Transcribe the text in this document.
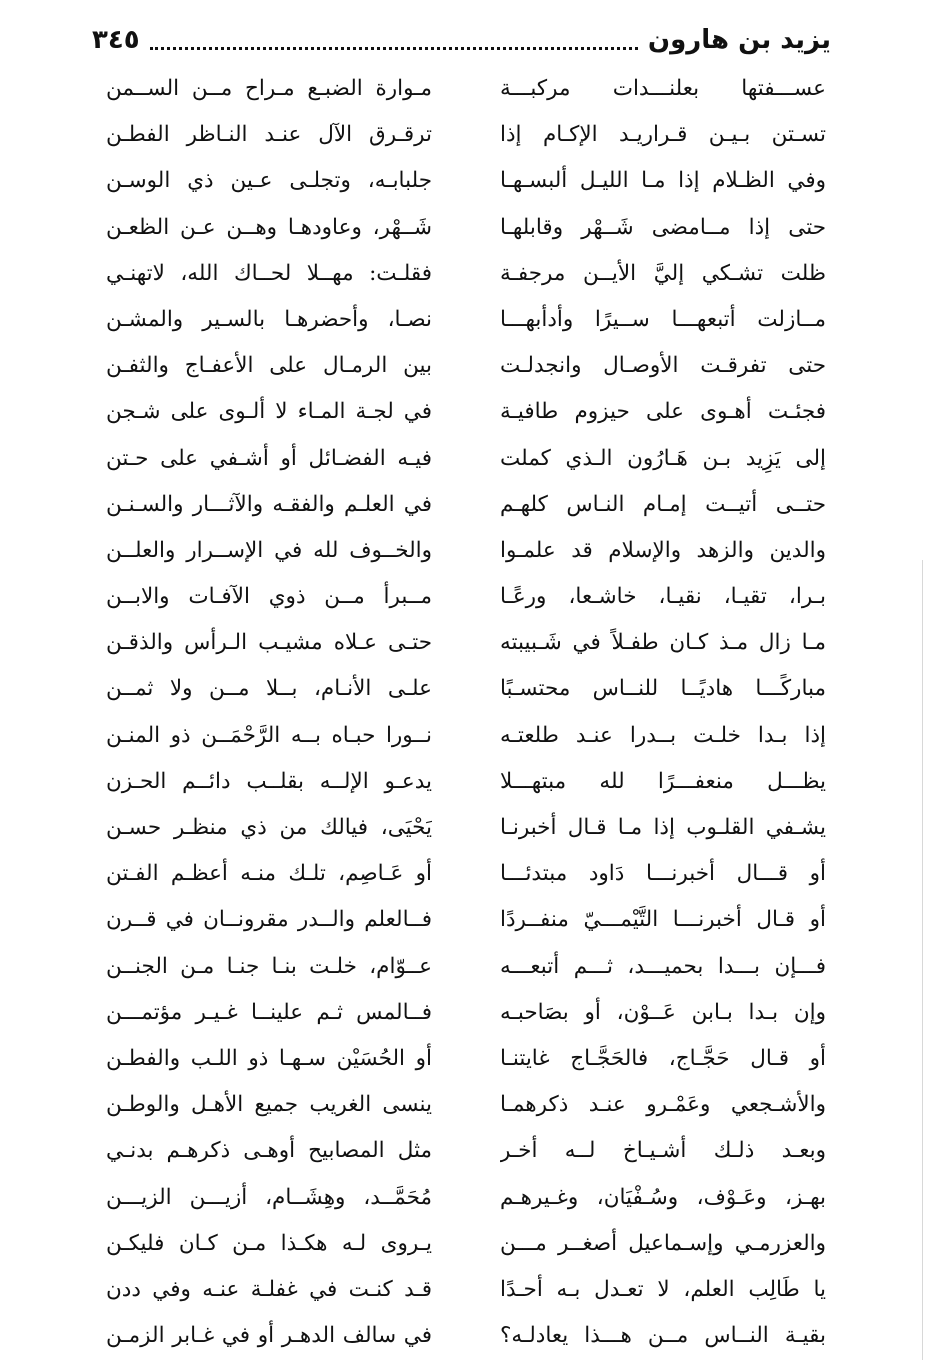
يزيد بن هارون
٣٤٥
عســـفتها بعلنـــدات مركبـــة
مـوارة الضبـع مـراح مــن الســمن
تسـتن بـيـن قـراريـد الإكـام إذا
ترقـرق الآل عنـد النـاظر الفطـن
وفي الظـلام إذا مـا الليـل ألبسـهـا
جلبابـه، وتجلـى عـين ذي الوسـن
حتى إذا مــامضى شَــهْر وقابلهـا
شَــهْر، وعاودهـا وهــن عـن الظعـن
ظلت تشـكي إليَّ الأيــن مرجفـة
فقلـت: مهــلا لحــاك الله، لاتهنـي
مــازلت أتبعهـــا ســيرًا وأدأبهـــا
نصـا، وأحضرهـا بالسـير والمشـن
حتى تفرقـت الأوصـال وانجدلـت
بين الرمـال على الأعفـاج والثفـن
فجئـت أهـوى على حيزوم طافيـة
في لجـة المـاء لا ألـوى على شـجن
إلى يَزِيد بـن هَـارُون الـذي كملت
فيـه الفضـائل أو أشـفي على حـتن
حتــى أتيــت إمـام النـاس كلهـم
في العلـم والفقـه والآثـــار والسـنـن
والدين والزهد والإسلام قد علمـوا
والخــوف لله في الإســرار والعلــن
بـرا، تقيـا، نقيـا، خاشـعا، ورعًـا
مــبرأ مــن ذوي الآفـات والابــن
مـا زال مـذ كـان طفـلاً في شَـبيبته
حتـى عـلاه مشيـب الـرأس والذقـن
مباركًـــا هاديًــا للنــاس محتسـبًا
علـى الأنـام، بــلا مــن ولا ثمــن
إذا بـدا خلـت بــدرا عنـد طلعتـه
نــورا حبـاه بــه الرَّحْمَــن ذو المنـن
يظـــل منعفـــرًا لله مبتهـــلا
يدعـو الإلــه بقلــب دائــم الحـزن
يشـفي القلـوب إذا مـا قـال أخبرنـا
يَحْيَى، فيالك من ذي منظـر حسـن
أو قـــال أخبرنـــا دَاود مبتدئـــا
أو عَـاصِم، تلـك منـه أعظـم الفـتن
أو قـال أخبرنـــا التَّيْمـــيّ منفــردًا
فــالعلم والــدر مقرونــان في قــرن
فـــإن بـــدا بحميـــد، ثـــم أتبعـــه
عــوّام، خلـت بنـا جنـا مـن الجنــن
وإن بـدا بـابن عَــوْن، أو بصَاحبـه
فــالمس ثـم علينــا غـيـر مؤتمـــن
أو قـال حَجَّـاج، فالحَجَّـاج غايتنـا
أو الحُسَيْن سـهـا ذو اللـب والفطـن
والأشـجعي وعَمْـرو عنـد ذكرهمـا
ينسى الغريب جميع الأهـل والوطـن
وبعـد ذلـك أشـيـاخ لــه أخـر
مثل المصابيح أوهـى ذكرهـم بدنـي
بهـز، وعَـوْف، وسُـفْيَان، وغـيرهـم
مُحَمَّــد، وهِشَــام، أزيـــن الزيـــن
والعزرمـي وإسـماعيل أصغــر مـــن
يـروى لـه هكـذا مـن كـان فليكـن
يا طَالِب العلم، لا تعـدل بـه أحـدًا
قـد كنـت في غفلـة عنـه وفي ددن
بقيـة النــاس مــن هـــذا يعادلـه؟
في سالف الدهـر أو في غـابر الزمـن
